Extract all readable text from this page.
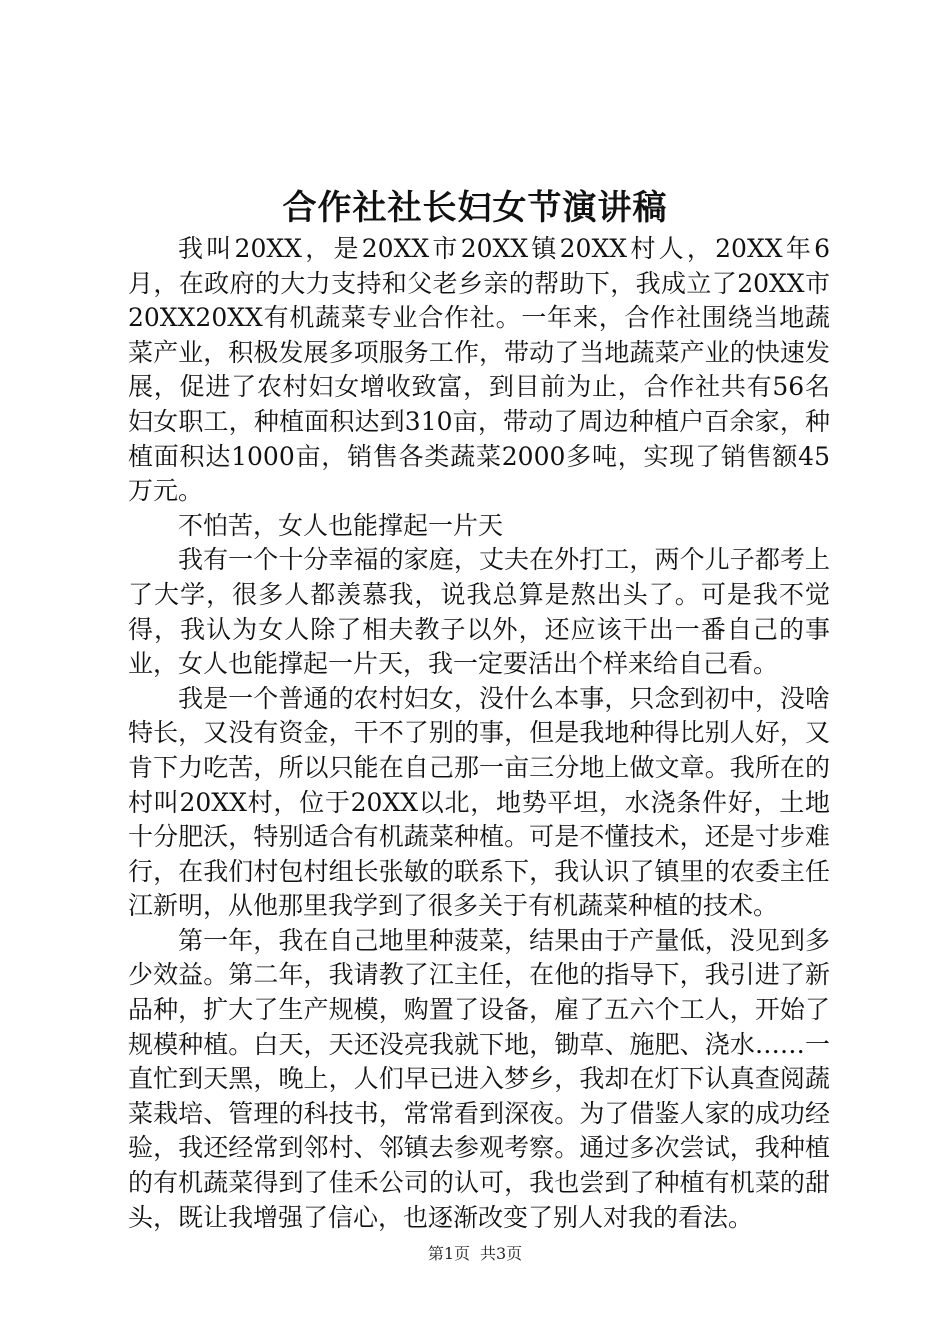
合作社社长妇女节演讲稿

我叫20XX，是20XX市20XX镇20XX村人，20XX年6月，在政府的大力支持和父老乡亲的帮助下，我成立了20XX市20XX20XX有机蔬菜专业合作社。一年来，合作社围绕当地蔬菜产业，积极发展多项服务工作，带动了当地蔬菜产业的快速发展，促进了农村妇女增收致富，到目前为止，合作社共有56名妇女职工，种植面积达到310亩，带动了周边种植户百余家，种植面积达1000亩，销售各类蔬菜2000多吨，实现了销售额45万元。

不怕苦，女人也能撑起一片天

我有一个十分幸福的家庭，丈夫在外打工，两个儿子都考上了大学，很多人都羡慕我，说我总算是熬出头了。可是我不觉得，我认为女人除了相夫教子以外，还应该干出一番自己的事业，女人也能撑起一片天，我一定要活出个样来给自己看。

我是一个普通的农村妇女，没什么本事，只念到初中，没啥特长，又没有资金，干不了别的事，但是我地种得比别人好，又肯下力吃苦，所以只能在自己那一亩三分地上做文章。我所在的村叫20XX村，位于20XX以北，地势平坦，水浇条件好，土地十分肥沃，特别适合有机蔬菜种植。可是不懂技术，还是寸步难行，在我们村包村组长张敏的联系下，我认识了镇里的农委主任江新明，从他那里我学到了很多关于有机蔬菜种植的技术。

第一年，我在自己地里种菠菜，结果由于产量低，没见到多少效益。第二年，我请教了江主任，在他的指导下，我引进了新品种，扩大了生产规模，购置了设备，雇了五六个工人，开始了规模种植。白天，天还没亮我就下地，锄草、施肥、浇水……一直忙到天黑，晚上，人们早已进入梦乡，我却在灯下认真查阅蔬菜栽培、管理的科技书，常常看到深夜。为了借鉴人家的成功经验，我还经常到邻村、邻镇去参观考察。通过多次尝试，我种植的有机蔬菜得到了佳禾公司的认可，我也尝到了种植有机菜的甜头，既让我增强了信心，也逐渐改变了别人对我的看法。

第1页 共3页
